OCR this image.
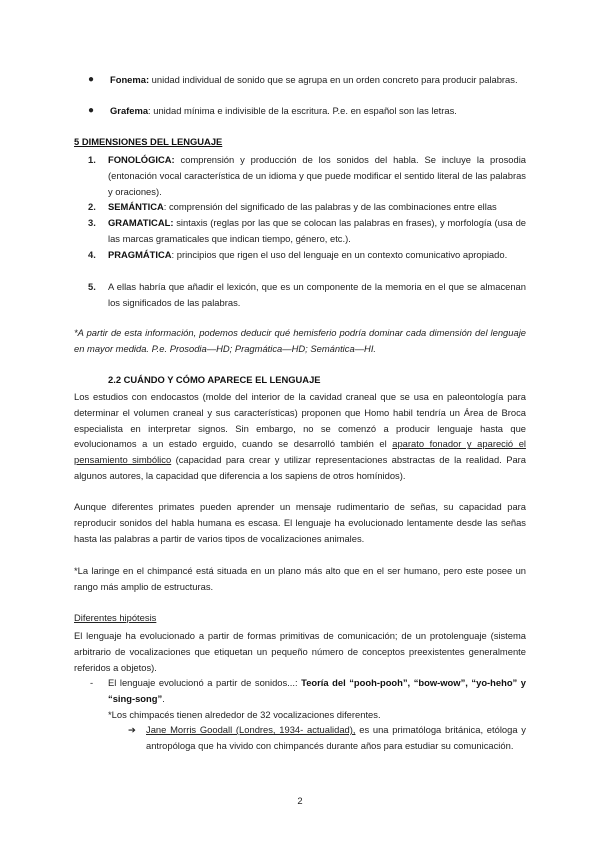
● Fonema: unidad individual de sonido que se agrupa en un orden concreto para producir palabras.
● Grafema: unidad mínima e indivisible de la escritura. P.e. en español son las letras.
5 DIMENSIONES DEL LENGUAJE
1. FONOLÓGICA: comprensión y producción de los sonidos del habla. Se incluye la prosodia (entonación vocal característica de un idioma y que puede modificar el sentido literal de las palabras y oraciones).
2. SEMÁNTICA: comprensión del significado de las palabras y de las combinaciones entre ellas
3. GRAMATICAL: sintaxis (reglas por las que se colocan las palabras en frases), y morfología (usa de las marcas gramaticales que indican tiempo, género, etc.).
4. PRAGMÁTICA: principios que rigen el uso del lenguaje en un contexto comunicativo apropiado.
5. A ellas habría que añadir el lexicón, que es un componente de la memoria en el que se almacenan los significados de las palabras.

*A partir de esta información, podemos deducir qué hemisferio podría dominar cada dimensión del lenguaje en mayor medida. P.e. Prosodia—HD; Pragmática—HD; Semántica—HI.

2.2 CUÁNDO Y CÓMO APARECE EL LENGUAJE

Los estudios con endocastos (molde del interior de la cavidad craneal que se usa en paleontología para determinar el volumen craneal y sus características) proponen que Homo habil tendría un Área de Broca especialista en interpretar signos. Sin embargo, no se comenzó a producir lenguaje hasta que evolucionamos a un estado erguido, cuando se desarrolló también el aparato fonador y apareció el pensamiento simbólico (capacidad para crear y utilizar representaciones abstractas de la realidad. Para algunos autores, la capacidad que diferencia a los sapiens de otros homínidos).

Aunque diferentes primates pueden aprender un mensaje rudimentario de señas, su capacidad para reproducir sonidos del habla humana es escasa. El lenguaje ha evolucionado lentamente desde las señas hasta las palabras a partir de varios tipos de vocalizaciones animales.

*La laringe en el chimpancé está situada en un plano más alto que en el ser humano, pero este posee un rango más amplio de estructuras.

Diferentes hipótesis

El lenguaje ha evolucionado a partir de formas primitivas de comunicación; de un protolenguaje (sistema arbitrario de vocalizaciones que etiquetan un pequeño número de conceptos preexistentes generalmente referidos a objetos).

- El lenguaje evolucionó a partir de sonidos...: Teoría del “pooh-pooh”, “bow-wow”, “yo-heho” y “sing-song”.
*Los chimpacés tienen alrededor de 32 vocalizaciones diferentes.
➔ Jane Morris Goodall (Londres, 1934- actualidad), es una primatóloga británica, etóloga y antropóloga que ha vivido con chimpancés durante años para estudiar su comunicación.
2
